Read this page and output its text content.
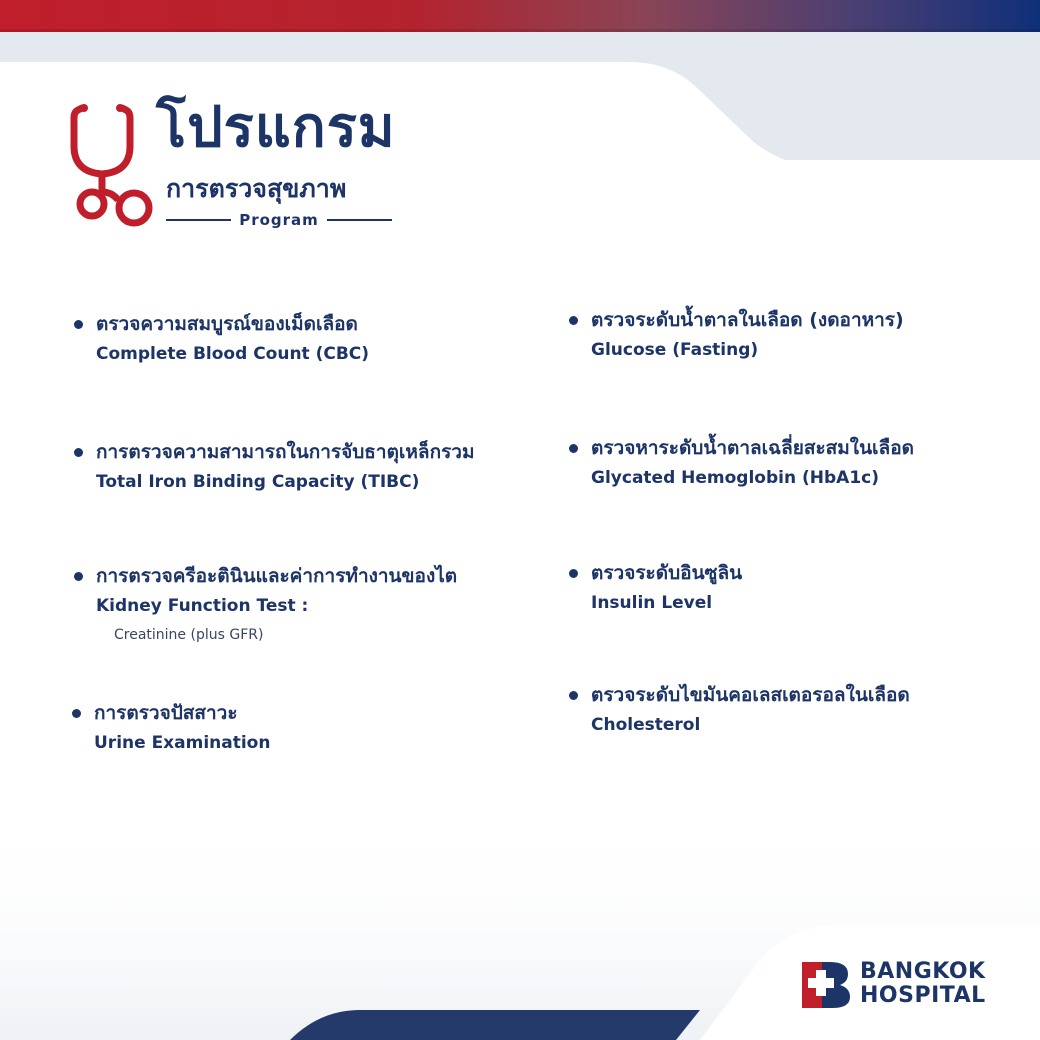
โปรแกรม
การตรวจสุขภาพ
Program
ตรวจความสมบูรณ์ของเม็ดเลือด
Complete Blood Count (CBC)
การตรวจความสามารถในการจับธาตุเหล็กรวม
Total Iron Binding Capacity (TIBC)
การตรวจครีอะตินินและค่าการทำงานของไต
Kidney Function Test :
Creatinine (plus GFR)
การตรวจปัสสาวะ
Urine Examination
ตรวจระดับน้ำตาลในเลือด (งดอาหาร)
Glucose (Fasting)
ตรวจหาระดับน้ำตาลเฉลี่ยสะสมในเลือด
Glycated Hemoglobin (HbA1c)
ตรวจระดับอินซูลิน
Insulin Level
ตรวจระดับไขมันคอเลสเตอรอลในเลือด
Cholesterol
BANGKOK
HOSPITAL
